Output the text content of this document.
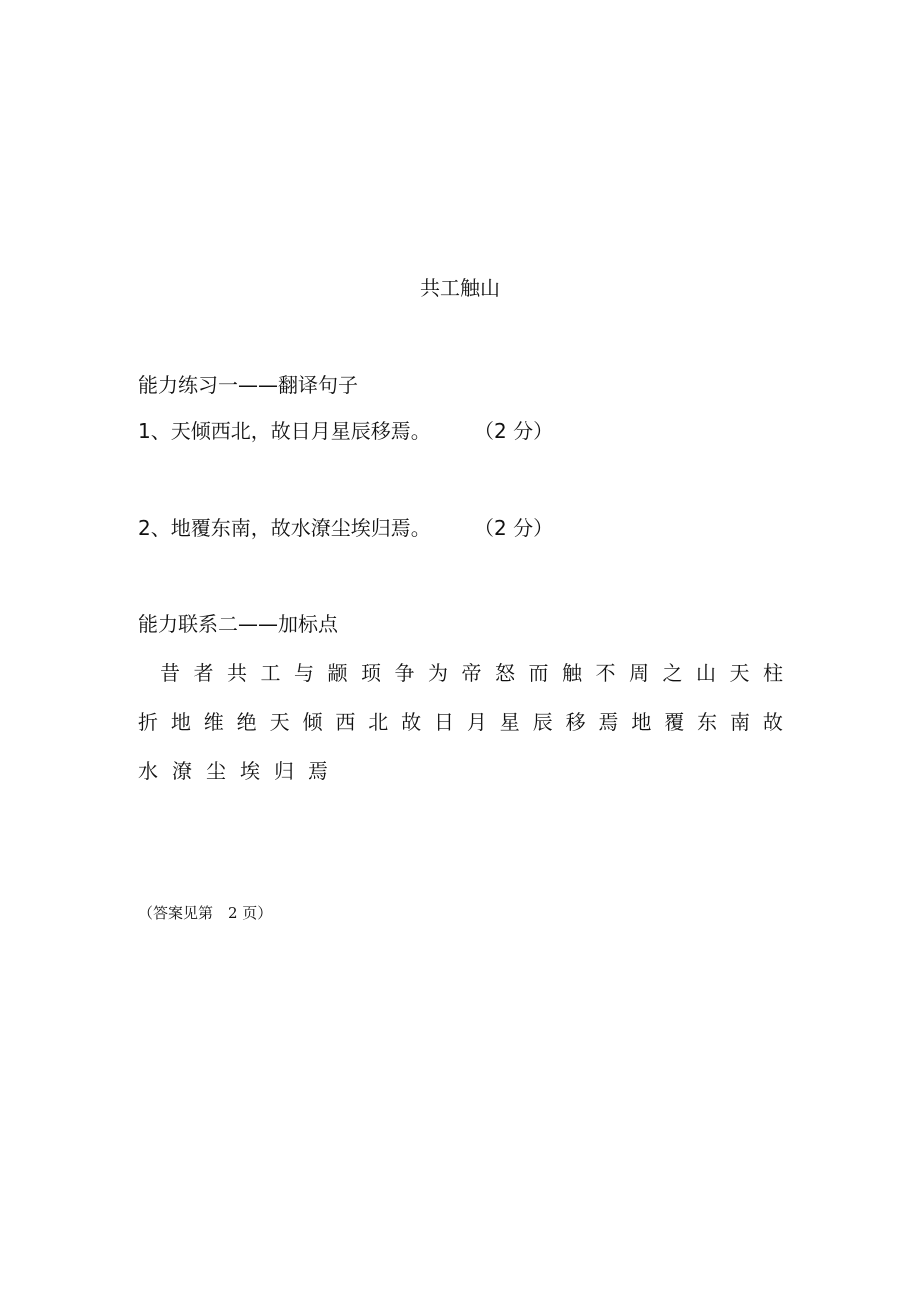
共工触山
能力练习一——翻译句子
1、天倾西北，故日月星辰移焉。 （2 分）
2、地覆东南，故水潦尘埃归焉。 （2 分）
能力联系二——加标点
昔 者 共 工 与 颛 顼 争 为 帝 怒 而 触 不 周 之 山 天 柱
折 地 维 绝 天 倾 西 北 故 日 月 星 辰 移 焉 地 覆 东 南 故
水 潦 尘 埃 归 焉
（答案见第　2 页）
